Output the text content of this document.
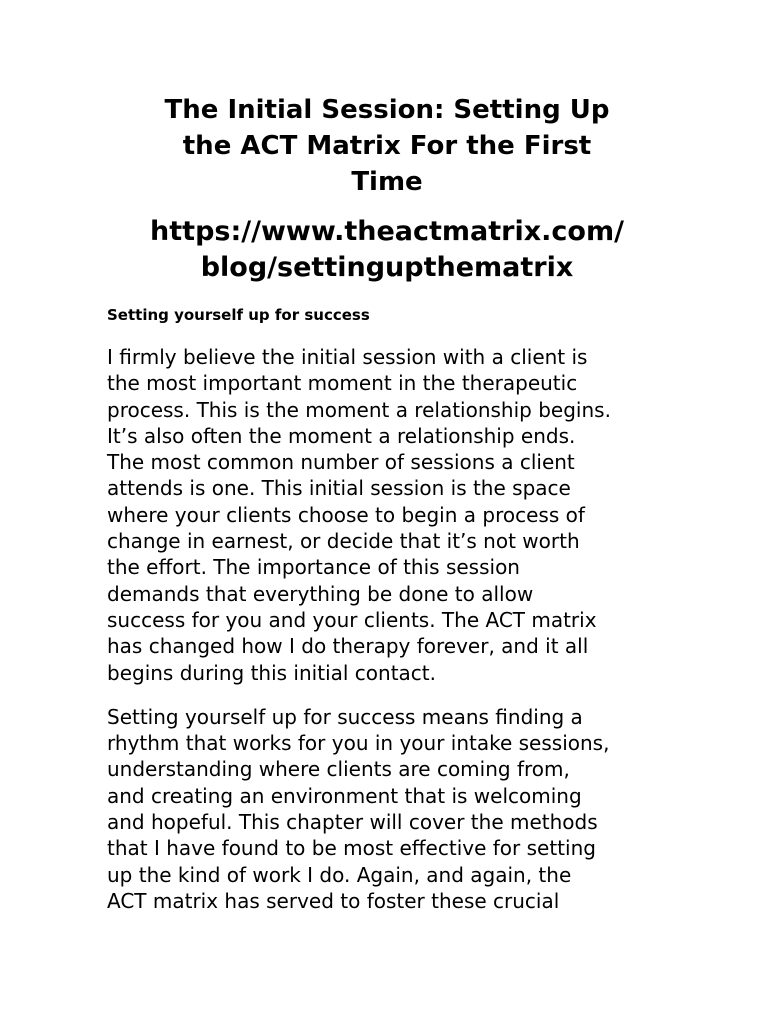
The Initial Session: Setting Up
the ACT Matrix For the First
Time
https://www.theactmatrix.com/
blog/settingupthematrix
Setting yourself up for success

I firmly believe the initial session with a client is
the most important moment in the therapeutic
process. This is the moment a relationship begins.
It’s also often the moment a relationship ends.
The most common number of sessions a client
attends is one. This initial session is the space
where your clients choose to begin a process of
change in earnest, or decide that it’s not worth
the effort. The importance of this session
demands that everything be done to allow
success for you and your clients. The ACT matrix
has changed how I do therapy forever, and it all
begins during this initial contact.

Setting yourself up for success means finding a
rhythm that works for you in your intake sessions,
understanding where clients are coming from,
and creating an environment that is welcoming
and hopeful. This chapter will cover the methods
that I have found to be most effective for setting
up the kind of work I do. Again, and again, the
ACT matrix has served to foster these crucial
